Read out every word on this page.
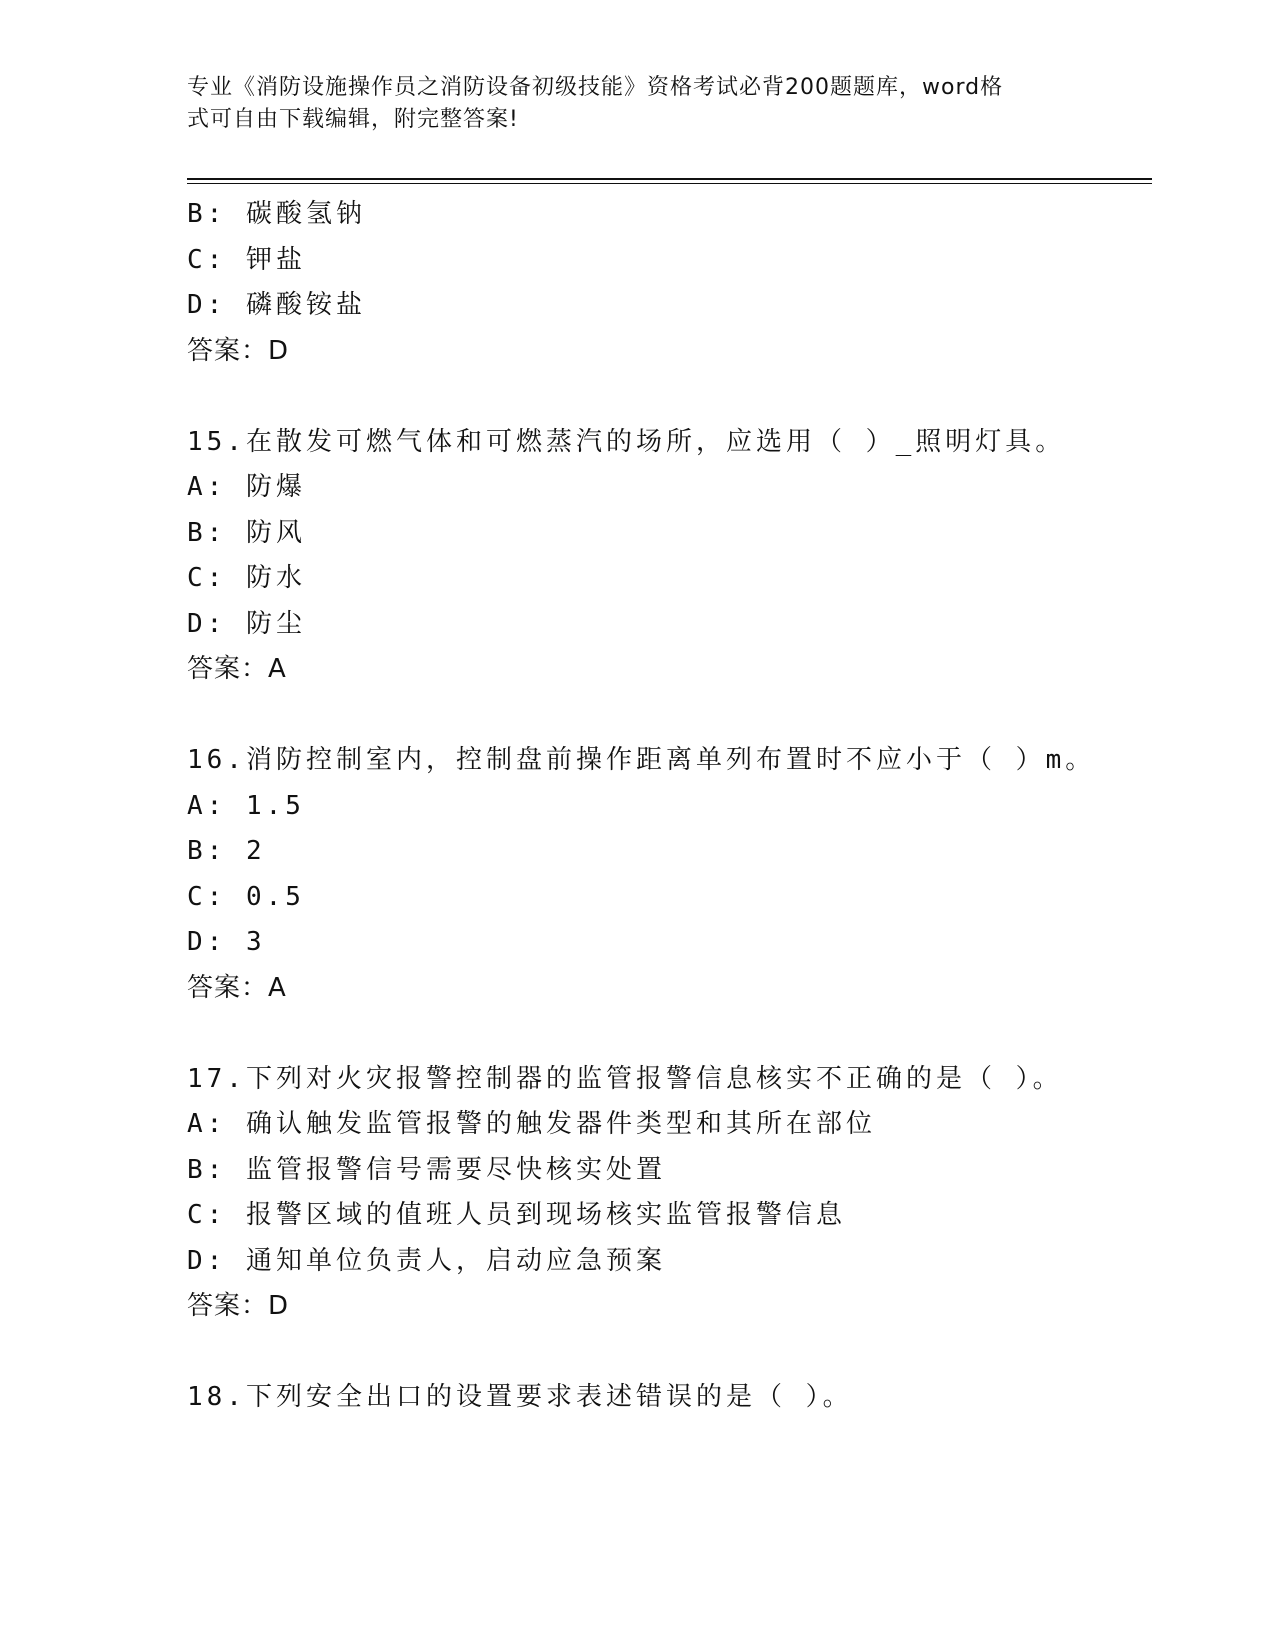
专业《消防设施操作员之消防设备初级技能》资格考试必背200题题库，word格
式可自由下载编辑，附完整答案!
B: 碳酸氢钠
C: 钾盐
D: 磷酸铵盐
答案：D
15.在散发可燃气体和可燃蒸汽的场所，应选用（ ）_照明灯具。
A: 防爆
B: 防风
C: 防水
D: 防尘
答案：A
16.消防控制室内，控制盘前操作距离单列布置时不应小于（ ）m。
A: 1.5
B: 2
C: 0.5
D: 3
答案：A
17.下列对火灾报警控制器的监管报警信息核实不正确的是（ ）。
A: 确认触发监管报警的触发器件类型和其所在部位
B: 监管报警信号需要尽快核实处置
C: 报警区域的值班人员到现场核实监管报警信息
D: 通知单位负责人，启动应急预案
答案：D
18.下列安全出口的设置要求表述错误的是（ ）。
